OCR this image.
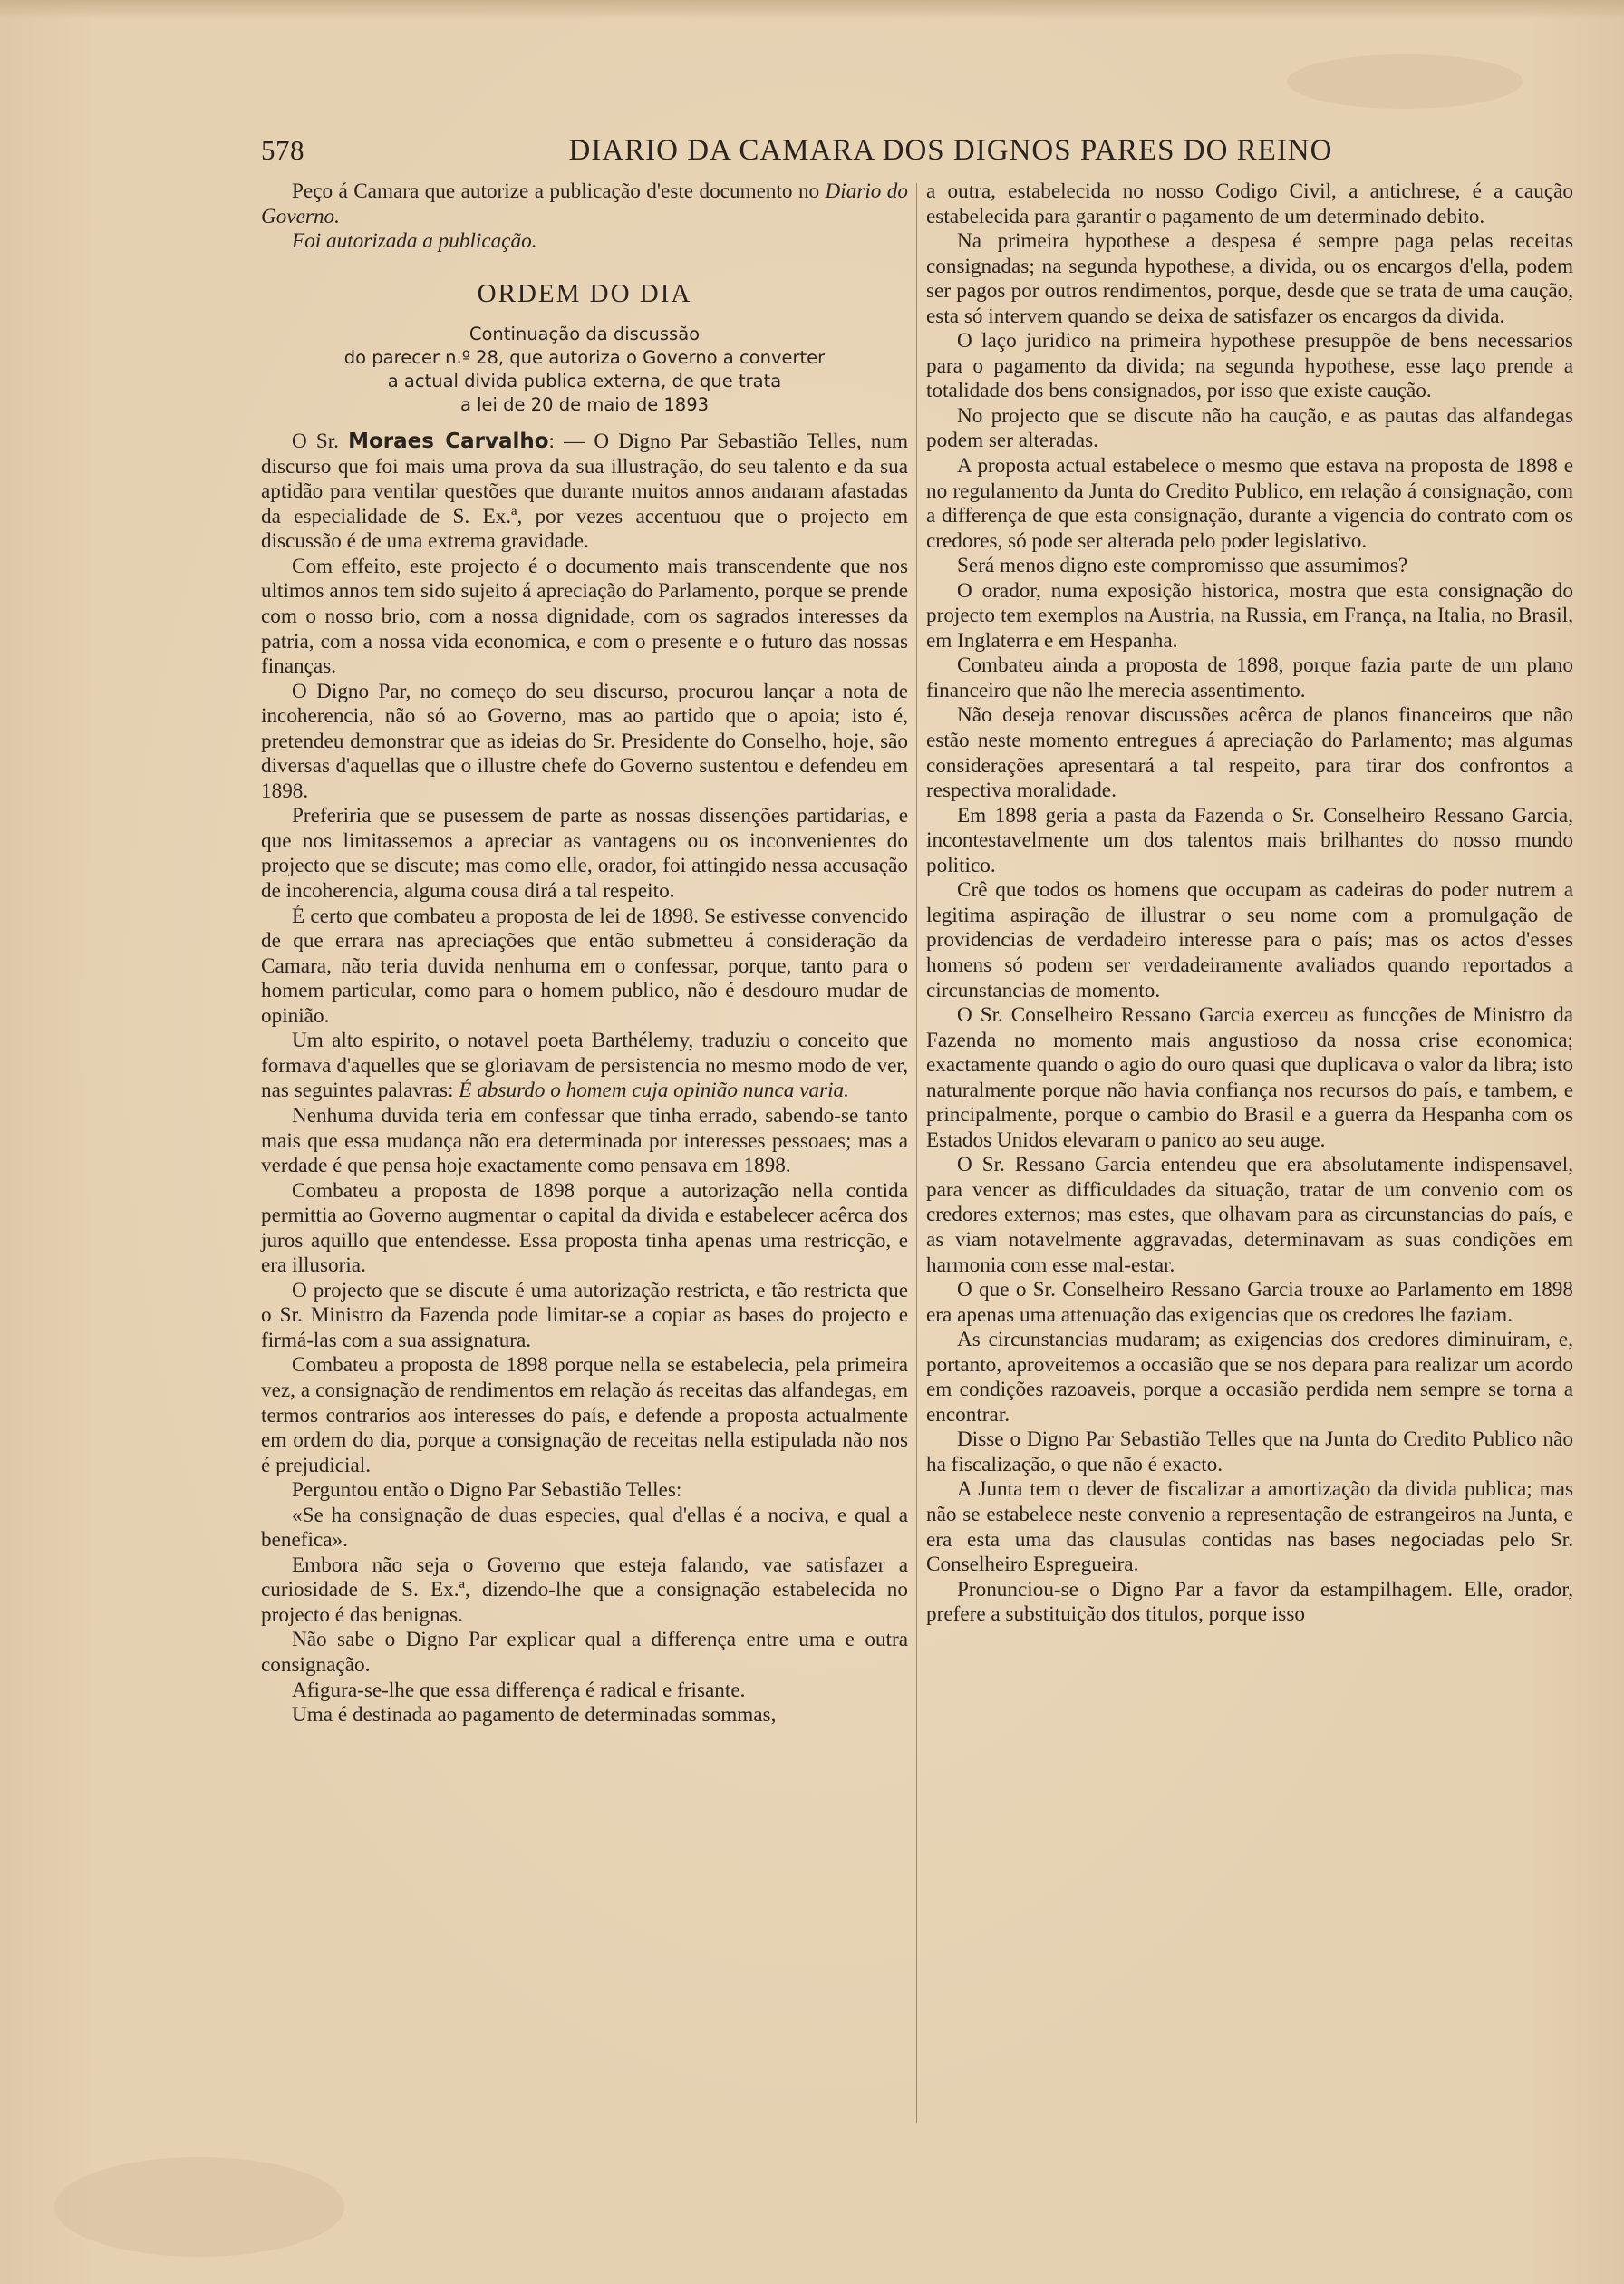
578	DIARIO DA CAMARA DOS DIGNOS PARES DO REINO

Peço á Camara que autorize a publicação d'este documento no Diario do Governo.

Foi autorizada a publicação.

ORDEM DO DIA
Continuação da discussão
do parecer n.º 28, que autoriza o Governo a converter
a actual divida publica externa, de que trata
a lei de 20 de maio de 1893

O Sr. Moraes Carvalho: — O Digno Par Sebastião Telles, num discurso que foi mais uma prova da sua illustração, do seu talento e da sua aptidão para ventilar questões que durante muitos annos andaram afastadas da especialidade de S. Ex.ª, por vezes accentuou que o projecto em discussão é de uma extrema gravidade.

Com effeito, este projecto é o documento mais transcendente que nos ultimos annos tem sido sujeito á apreciação do Parlamento, porque se prende com o nosso brio, com a nossa dignidade, com os sagrados interesses da patria, com a nossa vida economica, e com o presente e o futuro das nossas finanças.

O Digno Par, no começo do seu discurso, procurou lançar a nota de incoherencia, não só ao Governo, mas ao partido que o apoia; isto é, pretendeu demonstrar que as ideias do Sr. Presidente do Conselho, hoje, são diversas d'aquellas que o illustre chefe do Governo sustentou e defendeu em 1898.

Preferiria que se pusessem de parte as nossas dissenções partidarias, e que nos limitassemos a apreciar as vantagens ou os inconvenientes do projecto que se discute; mas como elle, orador, foi attingido nessa accusação de incoherencia, alguma cousa dirá a tal respeito.

É certo que combateu a proposta de lei de 1898. Se estivesse convencido de que errara nas apreciações que então submetteu á consideração da Camara, não teria duvida nenhuma em o confessar, porque, tanto para o homem particular, como para o homem publico, não é desdouro mudar de opinião.

Um alto espirito, o notavel poeta Barthélemy, traduziu o conceito que formava d'aquelles que se gloriavam de persistencia no mesmo modo de ver, nas seguintes palavras: É absurdo o homem cuja opinião nunca varia.

Nenhuma duvida teria em confessar que tinha errado, sabendo-se tanto mais que essa mudança não era determinada por interesses pessoaes; mas a verdade é que pensa hoje exactamente como pensava em 1898.

Combateu a proposta de 1898 porque a autorização nella contida permittia ao Governo augmentar o capital da divida e estabelecer acêrca dos juros aquillo que entendesse. Essa proposta tinha apenas uma restricção, e era illusoria.

O projecto que se discute é uma autorização restricta, e tão restricta que o Sr. Ministro da Fazenda pode limitar-se a copiar as bases do projecto e firmá-las com a sua assignatura.

Combateu a proposta de 1898 porque nella se estabelecia, pela primeira vez, a consignação de rendimentos em relação ás receitas das alfandegas, em termos contrarios aos interesses do país, e defende a proposta actualmente em ordem do dia, porque a consignação de receitas nella estipulada não nos é prejudicial.

Perguntou então o Digno Par Sebastião Telles:

«Se ha consignação de duas especies, qual d'ellas é a nociva, e qual a benefica».

Embora não seja o Governo que esteja falando, vae satisfazer a curiosidade de S. Ex.ª, dizendo-lhe que a consignação estabelecida no projecto é das benignas.

Não sabe o Digno Par explicar qual a differença entre uma e outra consignação.

Afigura-se-lhe que essa differença é radical e frisante.

Uma é destinada ao pagamento de determinadas sommas,

a outra, estabelecida no nosso Codigo Civil, a antichrese, é a caução estabelecida para garantir o pagamento de um determinado debito.

Na primeira hypothese a despesa é sempre paga pelas receitas consignadas; na segunda hypothese, a divida, ou os encargos d'ella, podem ser pagos por outros rendimentos, porque, desde que se trata de uma caução, esta só intervem quando se deixa de satisfazer os encargos da divida.

O laço juridico na primeira hypothese presuppõe de bens necessarios para o pagamento da divida; na segunda hypothese, esse laço prende a totalidade dos bens consignados, por isso que existe caução.

No projecto que se discute não ha caução, e as pautas das alfandegas podem ser alteradas.

A proposta actual estabelece o mesmo que estava na proposta de 1898 e no regulamento da Junta do Credito Publico, em relação á consignação, com a differença de que esta consignação, durante a vigencia do contrato com os credores, só pode ser alterada pelo poder legislativo.

Será menos digno este compromisso que assumimos?

O orador, numa exposição historica, mostra que esta consignação do projecto tem exemplos na Austria, na Russia, em França, na Italia, no Brasil, em Inglaterra e em Hespanha.

Combateu ainda a proposta de 1898, porque fazia parte de um plano financeiro que não lhe merecia assentimento.

Não deseja renovar discussões acêrca de planos financeiros que não estão neste momento entregues á apreciação do Parlamento; mas algumas considerações apresentará a tal respeito, para tirar dos confrontos a respectiva moralidade.

Em 1898 geria a pasta da Fazenda o Sr. Conselheiro Ressano Garcia, incontestavelmente um dos talentos mais brilhantes do nosso mundo politico.

Crê que todos os homens que occupam as cadeiras do poder nutrem a legitima aspiração de illustrar o seu nome com a promulgação de providencias de verdadeiro interesse para o país; mas os actos d'esses homens só podem ser verdadeiramente avaliados quando reportados a circunstancias de momento.

O Sr. Conselheiro Ressano Garcia exerceu as funcções de Ministro da Fazenda no momento mais angustioso da nossa crise economica; exactamente quando o agio do ouro quasi que duplicava o valor da libra; isto naturalmente porque não havia confiança nos recursos do país, e tambem, e principalmente, porque o cambio do Brasil e a guerra da Hespanha com os Estados Unidos elevaram o panico ao seu auge.

O Sr. Ressano Garcia entendeu que era absolutamente indispensavel, para vencer as difficuldades da situação, tratar de um convenio com os credores externos; mas estes, que olhavam para as circunstancias do país, e as viam notavelmente aggravadas, determinavam as suas condições em harmonia com esse mal-estar.

O que o Sr. Conselheiro Ressano Garcia trouxe ao Parlamento em 1898 era apenas uma attenuação das exigencias que os credores lhe faziam.

As circunstancias mudaram; as exigencias dos credores diminuiram, e, portanto, aproveitemos a occasião que se nos depara para realizar um acordo em condições razoaveis, porque a occasião perdida nem sempre se torna a encontrar.

Disse o Digno Par Sebastião Telles que na Junta do Credito Publico não ha fiscalização, o que não é exacto.

A Junta tem o dever de fiscalizar a amortização da divida publica; mas não se estabelece neste convenio a representação de estrangeiros na Junta, e era esta uma das clausulas contidas nas bases negociadas pelo Sr. Conselheiro Espregueira.

Pronunciou-se o Digno Par a favor da estampilhagem. Elle, orador, prefere a substituição dos titulos, porque isso
